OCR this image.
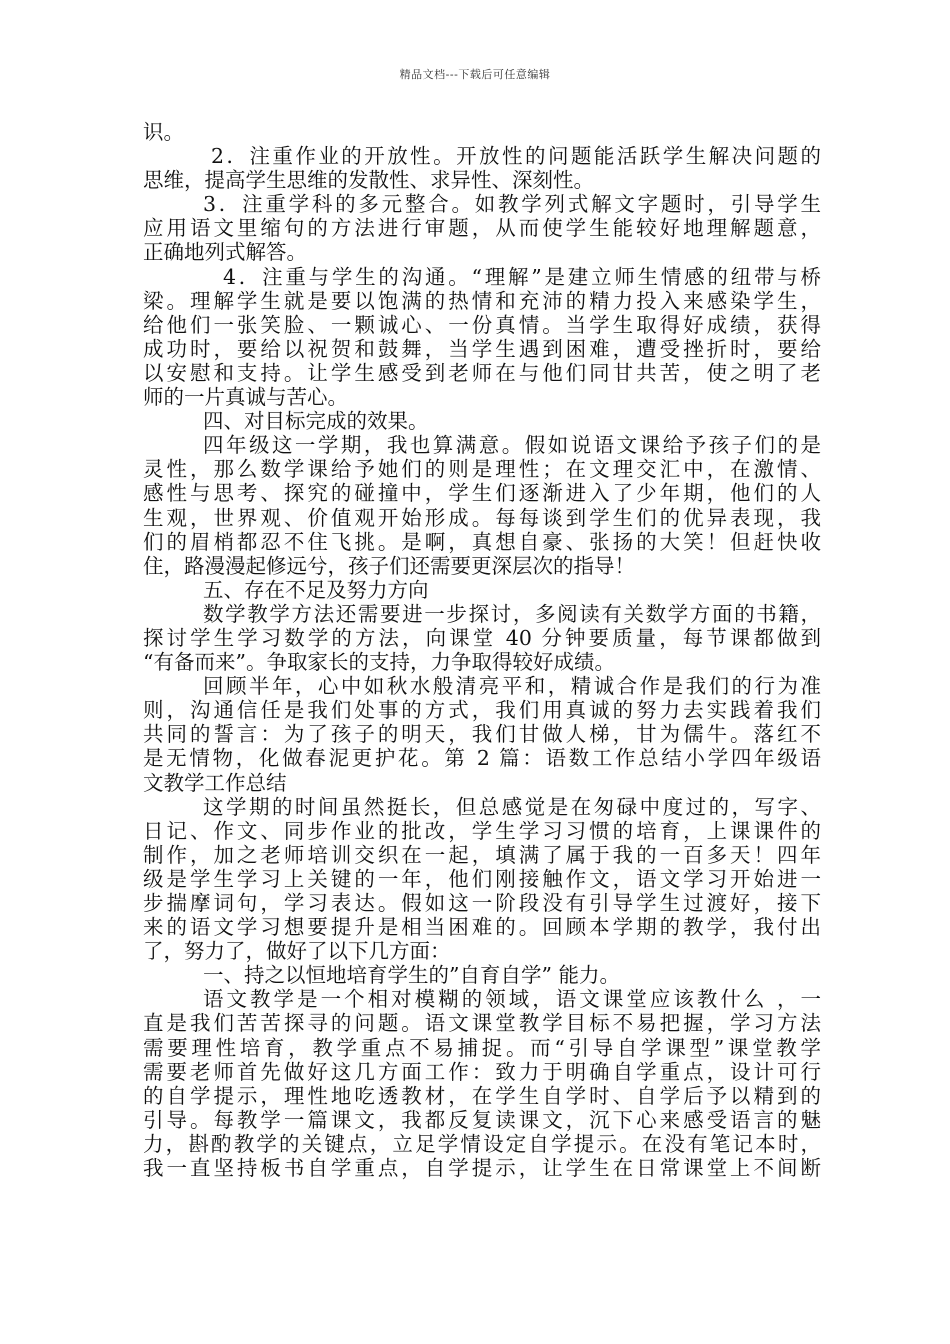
精品文档---下载后可任意编辑
识。
2．注重作业的开放性。开放性的问题能活跃学生解决问题的
思维，提高学生思维的发散性、求异性、深刻性。
3．注重学科的多元整合。如教学列式解文字题时，引导学生
应用语文里缩句的方法进行审题，从而使学生能较好地理解题意，
正确地列式解答。
4．注重与学生的沟通。“理解”是建立师生情感的纽带与桥
梁。理解学生就是要以饱满的热情和充沛的精力投入来感染学生，
给他们一张笑脸、一颗诚心、一份真情。当学生取得好成绩，获得
成功时，要给以祝贺和鼓舞，当学生遇到困难，遭受挫折时，要给
以安慰和支持。让学生感受到老师在与他们同甘共苦，使之明了老
师的一片真诚与苦心。
四、对目标完成的效果。
四年级这一学期，我也算满意。假如说语文课给予孩子们的是
灵性，那么数学课给予她们的则是理性；在文理交汇中，在激情、
感性与思考、探究的碰撞中，学生们逐渐进入了少年期，他们的人
生观，世界观、价值观开始形成。每每谈到学生们的优异表现，我
们的眉梢都忍不住飞挑。是啊，真想自豪、张扬的大笑！但赶快收
住，路漫漫起修远兮，孩子们还需要更深层次的指导！
五、存在不足及努力方向
数学教学方法还需要进一步探讨，多阅读有关数学方面的书籍，
探讨学生学习数学的方法，向课堂 40 分钟要质量，每节课都做到
“有备而来”。争取家长的支持，力争取得较好成绩。
回顾半年，心中如秋水般清亮平和，精诚合作是我们的行为准
则，沟通信任是我们处事的方式，我们用真诚的努力去实践着我们
共同的誓言：为了孩子的明天，我们甘做人梯，甘为儒牛。落红不
是无情物，化做春泥更护花。第 2 篇：语数工作总结小学四年级语
文教学工作总结
这学期的时间虽然挺长，但总感觉是在匆碌中度过的，写字、
日记、作文、同步作业的批改，学生学习习惯的培育，上课课件的
制作，加之老师培训交织在一起，填满了属于我的一百多天！四年
级是学生学习上关键的一年，他们刚接触作文，语文学习开始进一
步揣摩词句，学习表达。假如这一阶段没有引导学生过渡好，接下
来的语文学习想要提升是相当困难的。回顾本学期的教学，我付出
了，努力了，做好了以下几方面：
一、持之以恒地培育学生的”自育自学” 能力。
语文教学是一个相对模糊的领域，语文课堂应该教什么 ，一
直是我们苦苦探寻的问题。语文课堂教学目标不易把握，学习方法
需要理性培育，教学重点不易捕捉。而“引导自学课型”课堂教学
需要老师首先做好这几方面工作：致力于明确自学重点，设计可行
的自学提示，理性地吃透教材，在学生自学时、自学后予以精到的
引导。每教学一篇课文，我都反复读课文，沉下心来感受语言的魅
力，斟酌教学的关键点，立足学情设定自学提示。在没有笔记本时，
我一直坚持板书自学重点，自学提示，让学生在日常课堂上不间断
